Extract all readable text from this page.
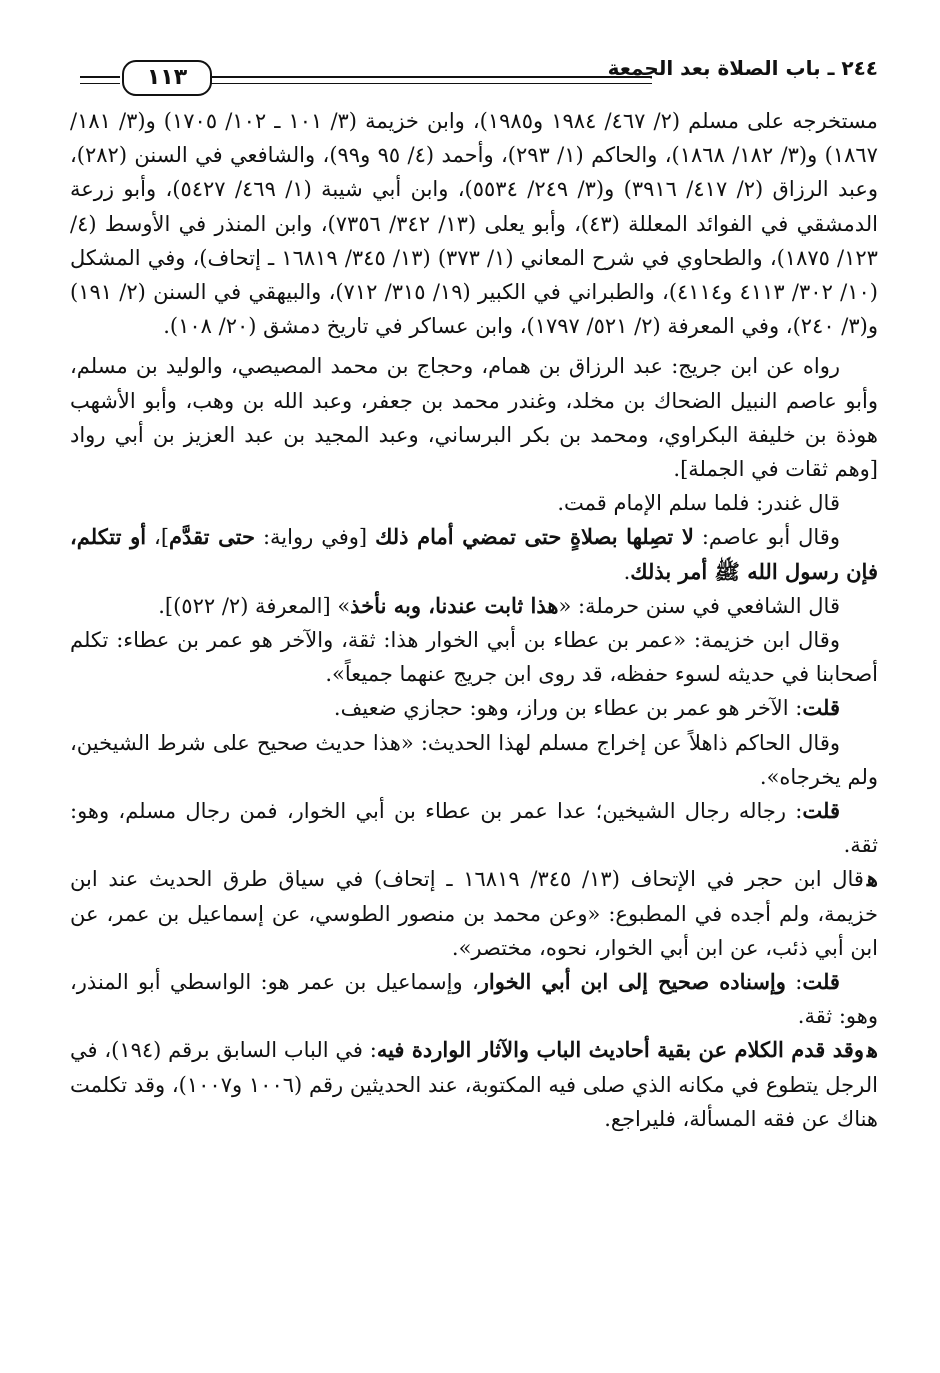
٢٤٤ ـ باب الصلاة بعد الجمعة
١١٣

مستخرجه على مسلم (٢/ ٤٦٧/ ١٩٨٤ و١٩٨٥)، وابن خزيمة (٣/ ١٠١ ـ ١٠٢/ ١٧٠٥) و(٣/ ١٨١/ ١٨٦٧) و(٣/ ١٨٢/ ١٨٦٨)، والحاكم (١/ ٢٩٣)، وأحمد (٤/ ٩٥ و٩٩)، والشافعي في السنن (٢٨٢)، وعبد الرزاق (٢/ ٤١٧/ ٣٩١٦) و(٣/ ٢٤٩/ ٥٥٣٤)، وابن أبي شيبة (١/ ٤٦٩/ ٥٤٢٧)، وأبو زرعة الدمشقي في الفوائد المعللة (٤٣)، وأبو يعلى (١٣/ ٣٤٢/ ٧٣٥٦)، وابن المنذر في الأوسط (٤/ ١٢٣/ ١٨٧٥)، والطحاوي في شرح المعاني (١/ ٣٧٣) (١٣/ ٣٤٥/ ١٦٨١٩ ـ إتحاف)، وفي المشكل (١٠/ ٣٠٢/ ٤١١٣ و٤١١٤)، والطبراني في الكبير (١٩/ ٣١٥/ ٧١٢)، والبيهقي في السنن (٢/ ١٩١) و(٣/ ٢٤٠)، وفي المعرفة (٢/ ٥٢١/ ١٧٩٧)، وابن عساكر في تاريخ دمشق (٢٠/ ١٠٨).

رواه عن ابن جريج: عبد الرزاق بن همام، وحجاج بن محمد المصيصي، والوليد بن مسلم، وأبو عاصم النبيل الضحاك بن مخلد، وغندر محمد بن جعفر، وعبد الله بن وهب، وأبو الأشهب هوذة بن خليفة البكراوي، ومحمد بن بكر البرساني، وعبد المجيد بن عبد العزيز بن أبي رواد [وهم ثقات في الجملة].

قال غندر: فلما سلم الإمام قمت.

وقال أبو عاصم: لا تصِلها بصلاةٍ حتى تمضي أمام ذلك [وفي رواية: حتى تقدَّم]، أو تتكلم، فإن رسول الله ﷺ أمر بذلك.

قال الشافعي في سنن حرملة: «هذا ثابت عندنا، وبه نأخذ» [المعرفة (٢/ ٥٢٢)].

وقال ابن خزيمة: «عمر بن عطاء بن أبي الخوار هذا: ثقة، والآخر هو عمر بن عطاء: تكلم أصحابنا في حديثه لسوء حفظه، قد روى ابن جريج عنهما جميعاً».

قلت: الآخر هو عمر بن عطاء بن وراز، وهو: حجازي ضعيف.

وقال الحاكم ذاهلاً عن إخراج مسلم لهذا الحديث: «هذا حديث صحيح على شرط الشيخين، ولم يخرجاه».

قلت: رجاله رجال الشيخين؛ عدا عمر بن عطاء بن أبي الخوار، فمن رجال مسلم، وهو: ثقة.

ﻫقال ابن حجر في الإتحاف (١٣/ ٣٤٥/ ١٦٨١٩ ـ إتحاف) في سياق طرق الحديث عند ابن خزيمة، ولم أجده في المطبوع: «وعن محمد بن منصور الطوسي، عن إسماعيل بن عمر، عن ابن أبي ذئب، عن ابن أبي الخوار، نحوه، مختصر».

قلت: وإسناده صحيح إلى ابن أبي الخوار، وإسماعيل بن عمر هو: الواسطي أبو المنذر، وهو: ثقة.

ﻫوقد قدم الكلام عن بقية أحاديث الباب والآثار الواردة فيه: في الباب السابق برقم (١٩٤)، في الرجل يتطوع في مكانه الذي صلى فيه المكتوبة، عند الحديثين رقم (١٠٠٦ و١٠٠٧)، وقد تكلمت هناك عن فقه المسألة، فليراجع.
